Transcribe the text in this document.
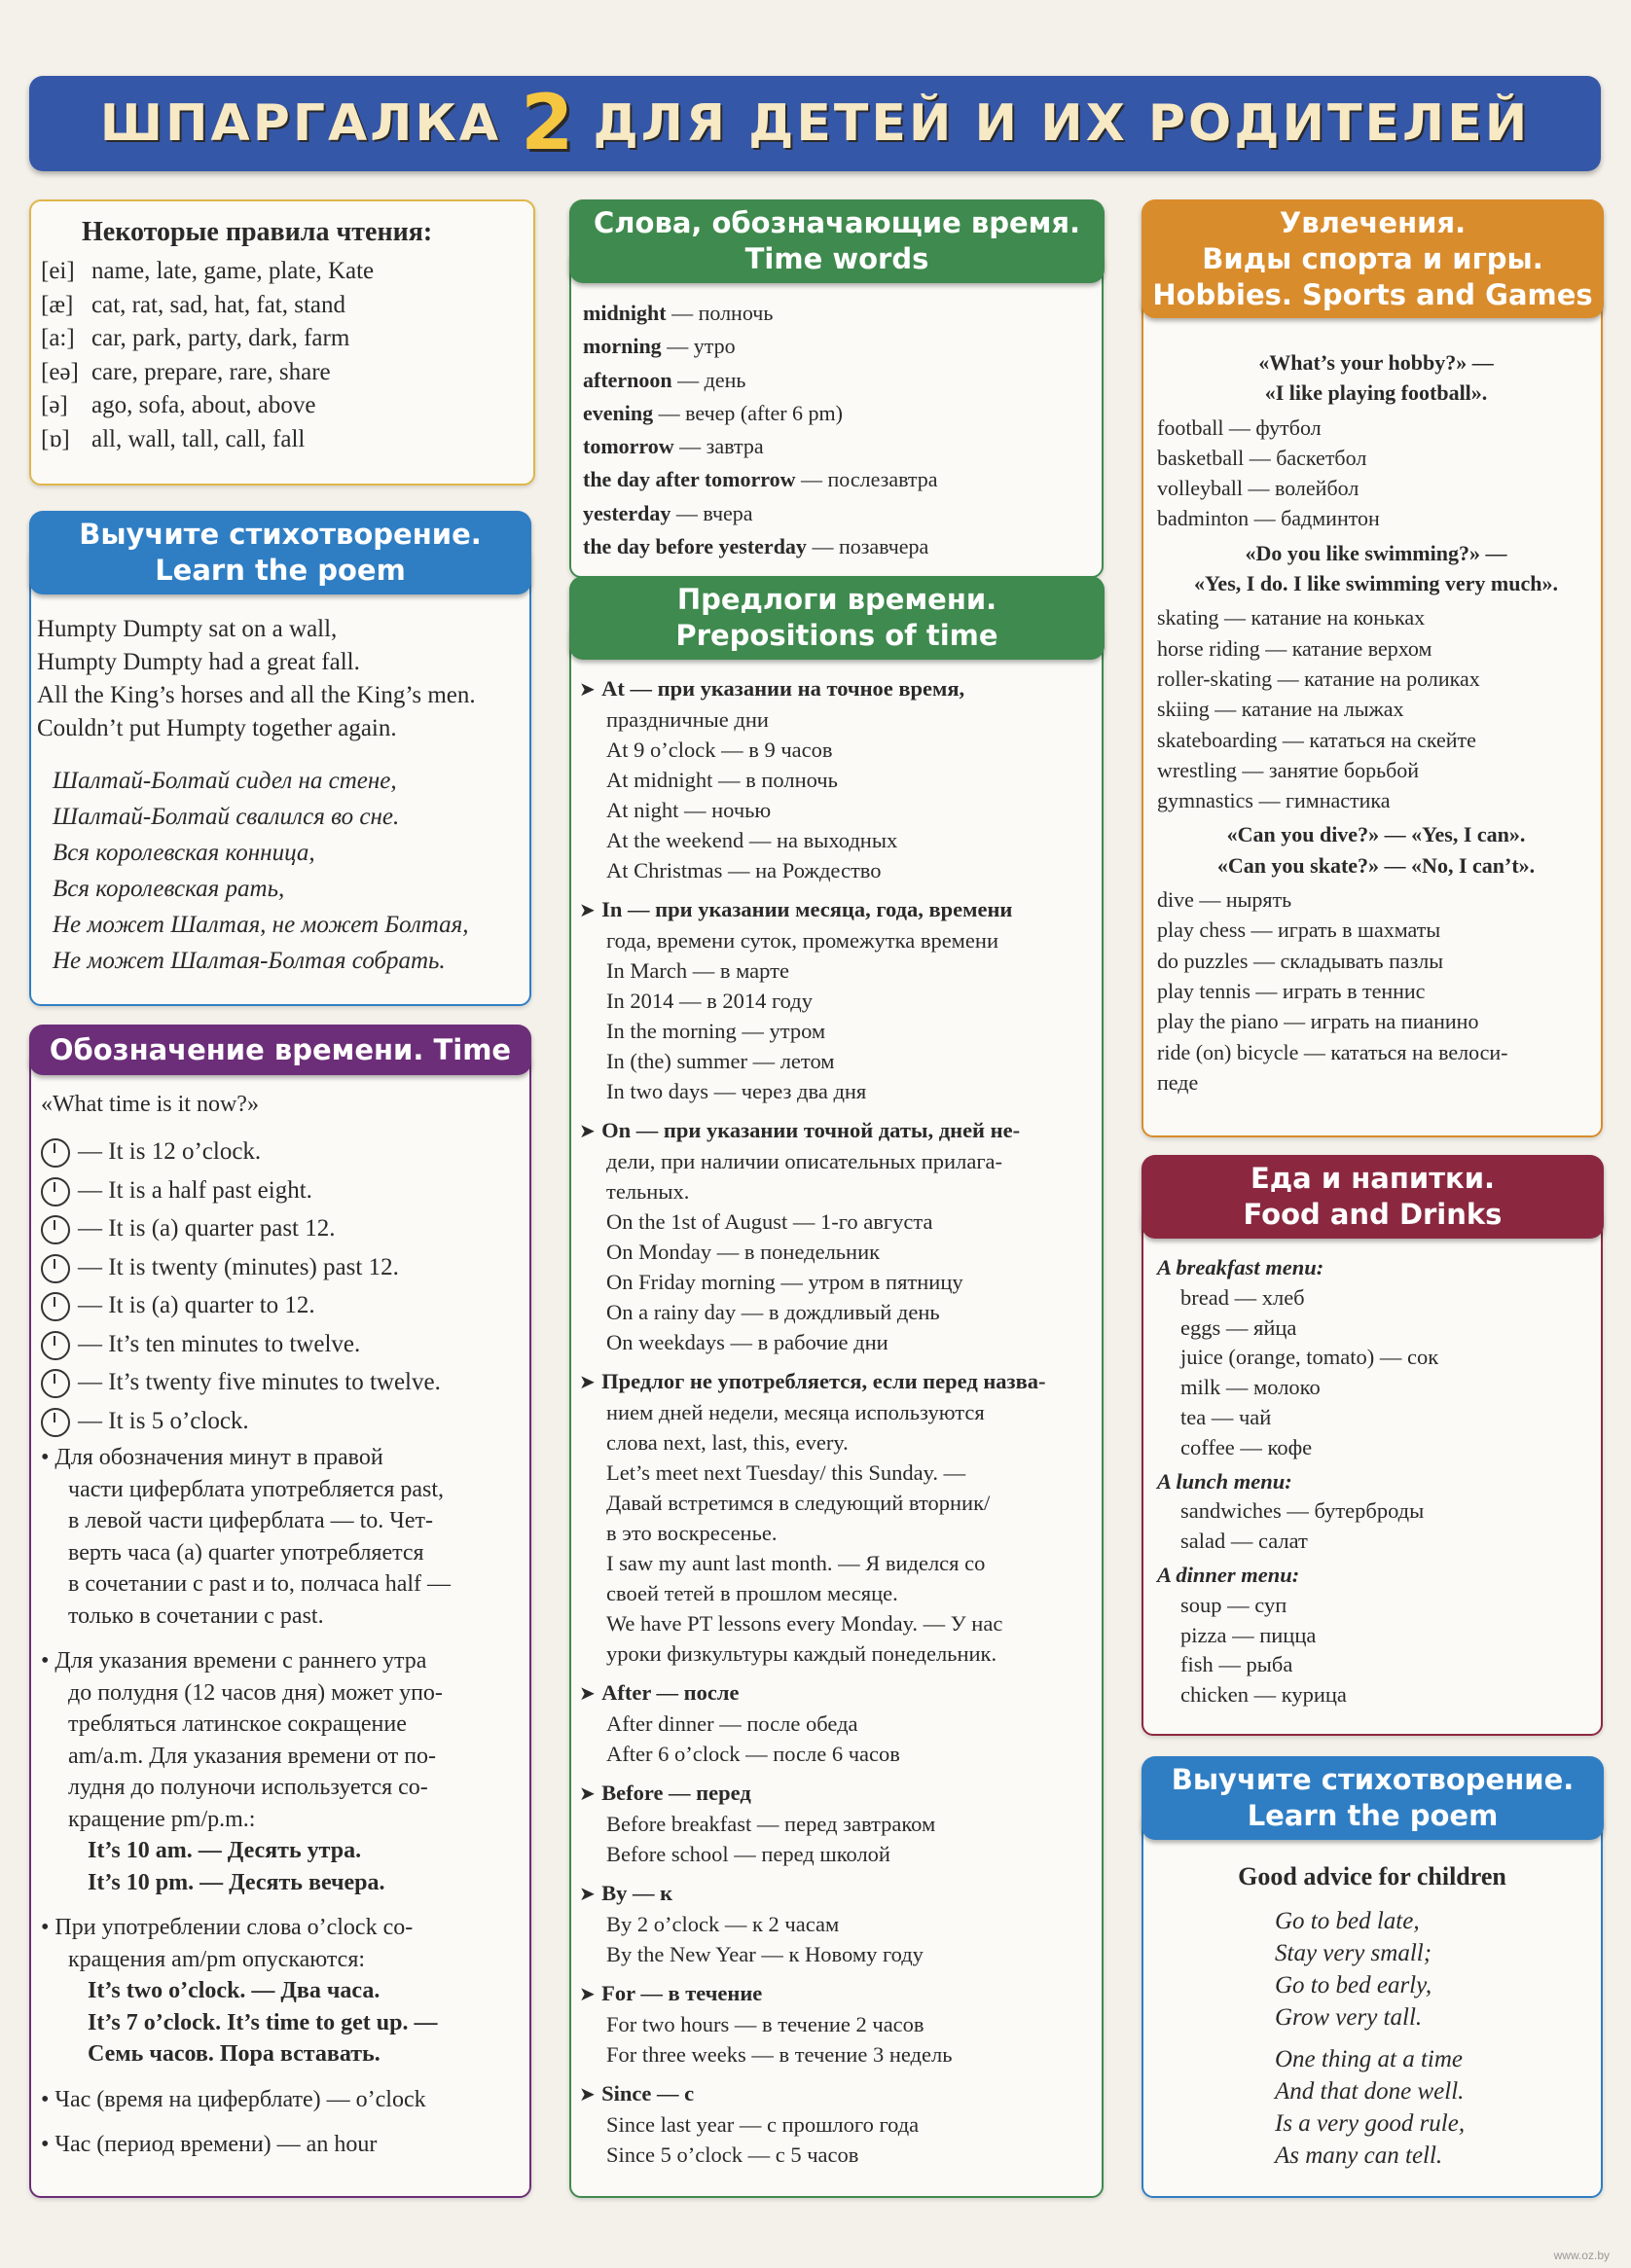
ШПАРГАЛКА 2 ДЛЯ ДЕТЕЙ И ИХ РОДИТЕЛЕЙ
Некоторые правила чтения:
[ei] name, late, game, plate, Kate
[æ] cat, rat, sad, hat, fat, stand
[a:] car, park, party, dark, farm
[eə] care, prepare, rare, share
[ə] ago, sofa, about, above
[ɒ] all, wall, tall, call, fall
Humpty Dumpty sat on a wall,
Humpty Dumpty had a great fall.
All the King’s horses and all the King’s men.
Couldn’t put Humpty together again.
Шалтай-Болтай сидел на стене,
Шалтай-Болтай свалился во сне.
Вся королевская конница,
Вся королевская рать,
Не может Шалтая, не может Болтая,
Не может Шалтая-Болтая собрать.
Выучите стихотворение.
Learn the poem
«What time is it now?»
— It is 12 o’clock.
— It is a half past eight.
— It is (a) quarter past 12.
— It is twenty (minutes) past 12.
— It is (a) quarter to 12.
— It’s ten minutes to twelve.
— It’s twenty five minutes to twelve.
— It is 5 o’clock.
• Для обозначения минут в правой
части циферблата употребляется past,
в левой части циферблата — to. Чет-
верть часа (a) quarter употребляется
в сочетании с past и to, полчаса half —
только в сочетании с past.
• Для указания времени с раннего утра
до полудня (12 часов дня) может упо-
требляться латинское сокращение
am/a.m. Для указания времени от по-
лудня до полуночи используется со-
кращение pm/p.m.:
It’s 10 am. — Десять утра.
It’s 10 pm. — Десять вечера.
• При употреблении слова o’clock со-
кращения am/pm опускаются:
It’s two o’clock. — Два часа.
It’s 7 o’clock. It’s time to get up. —
Семь часов. Пора вставать.
• Час (время на циферблате) — o’clock
• Час (период времени) — an hour
Обозначение времени. Time
midnight — полночь
morning — утро
afternoon — день
evening — вечер (after 6 pm)
tomorrow — завтра
the day after tomorrow — послезавтра
yesterday — вчера
the day before yesterday — позавчера
Слова, обозначающие время.
Time words
➤ At — при указании на точное время,
праздничные дни
At 9 o’clock — в 9 часов
At midnight — в полночь
At night — ночью
At the weekend — на выходных
At Christmas — на Рождество
➤ In — при указании месяца, года, времени
года, времени суток, промежутка времени
In March — в марте
In 2014 — в 2014 году
In the morning — утром
In (the) summer — летом
In two days — через два дня
➤ On — при указании точной даты, дней не-
дели, при наличии описательных прилага-
тельных.
On the 1st of August — 1-го августа
On Monday — в понедельник
On Friday morning — утром в пятницу
On a rainy day — в дождливый день
On weekdays — в рабочие дни
➤ Предлог не употребляется, если перед назва-
нием дней недели, месяца используются
слова next, last, this, every.
Let’s meet next Tuesday/ this Sunday. —
Давай встретимся в следующий вторник/
в это воскресенье.
I saw my aunt last month. — Я виделся со
своей тетей в прошлом месяце.
We have PT lessons every Monday. — У нас
уроки физкультуры каждый понедельник.
➤ After — после
After dinner — после обеда
After 6 o’clock — после 6 часов
➤ Before — перед
Before breakfast — перед завтраком
Before school — перед школой
➤ By — к
By 2 o’clock — к 2 часам
By the New Year — к Новому году
➤ For — в течение
For two hours — в течение 2 часов
For three weeks — в течение 3 недель
➤ Since — с
Since last year — с прошлого года
Since 5 o’clock — с 5 часов
Предлоги времени.
Prepositions of time
«What’s your hobby?» —
«I like playing football».
football — футбол
basketball — баскетбол
volleyball — волейбол
badminton — бадминтон
«Do you like swimming?» —
«Yes, I do. I like swimming very much».
skating — катание на коньках
horse riding — катание верхом
roller-skating — катание на роликах
skiing — катание на лыжах
skateboarding — кататься на скейте
wrestling — занятие борьбой
gymnastics — гимнастика
«Can you dive?» — «Yes, I can».
«Can you skate?» — «No, I can’t».
dive — нырять
play chess — играть в шахматы
do puzzles — складывать пазлы
play tennis — играть в теннис
play the piano — играть на пианино
ride (on) bicycle — кататься на велоси-
педе
Увлечения.
Виды спорта и игры.
Hobbies. Sports and Games
A breakfast menu:
bread — хлеб
eggs — яйца
juice (orange, tomato) — сок
milk — молоко
tea — чай
coffee — кофе
A lunch menu:
sandwiches — бутерброды
salad — салат
A dinner menu:
soup — суп
pizza — пицца
fish — рыба
chicken — курица
Еда и напитки.
Food and Drinks
Good advice for children
Go to bed late,
Stay very small;
Go to bed early,
Grow very tall.
One thing at a time
And that done well.
Is a very good rule,
As many can tell.
Выучите стихотворение.
Learn the poem
www.oz.by
